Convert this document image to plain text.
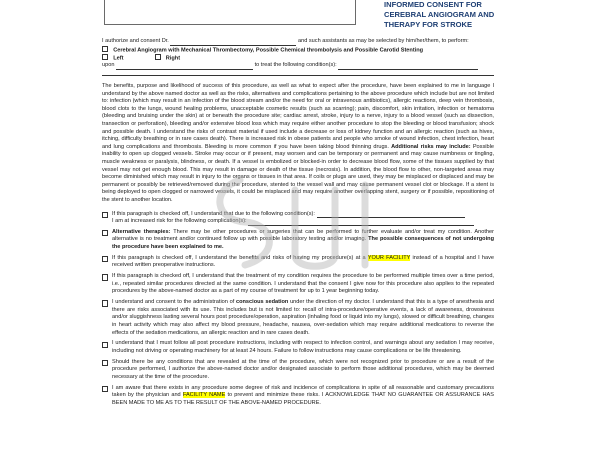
INFORMED CONSENT FOR
CEREBRAL ANGIOGRAM AND
THERAPY FOR STROKE
I authorize and consent Dr.	and such assistants as may be selected by him/her/them, to perform:
Cerebral Angiogram with Mechanical Thrombectomy, Possible Chemical thrombolysis and Possible Carotid Stenting
Left	Right
upon	to treat the following condition(s):
The benefits, purpose and likelihood of success of this procedure, as well as what to expect after the procedure, have been explained to me in language I understand by the above named doctor as well as the risks, alternatives and complications pertaining to the above procedure which include but are not limited to: infection (which may result in an infection of the blood stream and/or the need for oral or intravenous antibiotics), allergic reactions, deep vein thrombosis, blood clots to the lungs, wound healing problems, unacceptable cosmetic results (such as scarring); pain, discomfort, skin irritation, infection or hematoma (bleeding and bruising under the skin) at or beneath the procedure site; cardiac arrest, stroke, injury to a nerve, injury to a blood vessel (such as dissection, transection or perforation), bleeding and/or extensive blood loss which may require either another procedure to stop the bleeding or blood transfusion; shock and possible death. I understand the risks of contrast material if used include a decrease or loss of kidney function and an allergic reaction (such as hives, itching, difficulty breathing or in rare cases death). There is increased risk in obese patients and people who smoke of wound infection, chest infection, heart and lung complications and thrombosis. Bleeding is more common if you have been taking blood thinning drugs. Additional risks may include: Possible inability to open up clogged vessels. Stroke may occur or if present, may worsen and can be temporary or permanent and may cause numbness or tingling, muscle weakness or paralysis, blindness, or death. If a vessel is embolized or blocked-in order to decrease blood flow, some of the tissues supplied by that vessel may not get enough blood. This may result in damage or death of the tissue (necrosis). In addition, the blood flow to other, non-targeted areas may become diminished which may result in injury to the organs or tissues in that area. If coils or plugs are used, they may be misplaced or displaced and may be permanent or possibly be retrieved/removed during the procedure, stented to the vessel wall and may cause permanent vessel clot or blockage. If a stent is being deployed to open clogged or narrowed vessels, it could be misplaced and may require another overlapping stent, surgery or if possible, repositioning of the stent to another location.
If this paragraph is checked off, I understand that due to the following condition(s):
I am at increased risk for the following complication(s):
Alternative therapies: There may be other procedures or surgeries that can be performed to further evaluate and/or treat my condition. Another alternative is no treatment and/or continued follow up with possible laboratory testing and/or imaging. The possible consequences of not undergoing the procedure have been explained to me.
If this paragraph is checked off, I understand the benefits and risks of having my procedure(s) at a YOUR FACILITY instead of a hospital and I have received written preoperative instructions.
If this paragraph is checked off, I understand that the treatment of my condition requires the procedure to be performed multiple times over a time period, i.e., repeated similar procedures directed at the same condition. I understand that the consent I give now for this procedure also applies to the repeated procedures by the above-named doctor as a part of my course of treatment for up to 1 year beginning today.
I understand and consent to the administration of conscious sedation under the direction of my doctor. I understand that this is a type of anesthesia and there are risks associated with its use. This includes but is not limited to: recall of intra-procedure/operative events, a lack of awareness, drowsiness and/or sluggishness lasting several hours post procedure/operation, aspiration (inhaling food or liquid into my lungs), slowed or difficult breathing, changes in heart activity which may also affect my blood pressure, headache, nausea, over-sedation which may require additional medications to reverse the effects of the sedation medications, an allergic reaction and in rare cases death.
I understand that I must follow all post procedure instructions, including with respect to infection control, and warnings about any sedation I may receive, including not driving or operating machinery for at least 24 hours. Failure to follow instructions may cause complications or be life threatening.
Should there be any conditions that are revealed at the time of the procedure, which were not recognized prior to procedure or are a result of the procedure performed, I authorize the above-named doctor and/or designated associate to perform those additional procedures, which may be deemed necessary at the time of the procedure.
I am aware that there exists in any procedure some degree of risk and incidence of complications in spite of all reasonable and customary precautions taken by the physician and FACILITY NAME to prevent and minimize these risks. I ACKNOWLEDGE THAT NO GUARANTEE OR ASSURANCE HAS BEEN MADE TO ME AS TO THE RESULT OF THE ABOVE-NAMED PROCEDURE.
